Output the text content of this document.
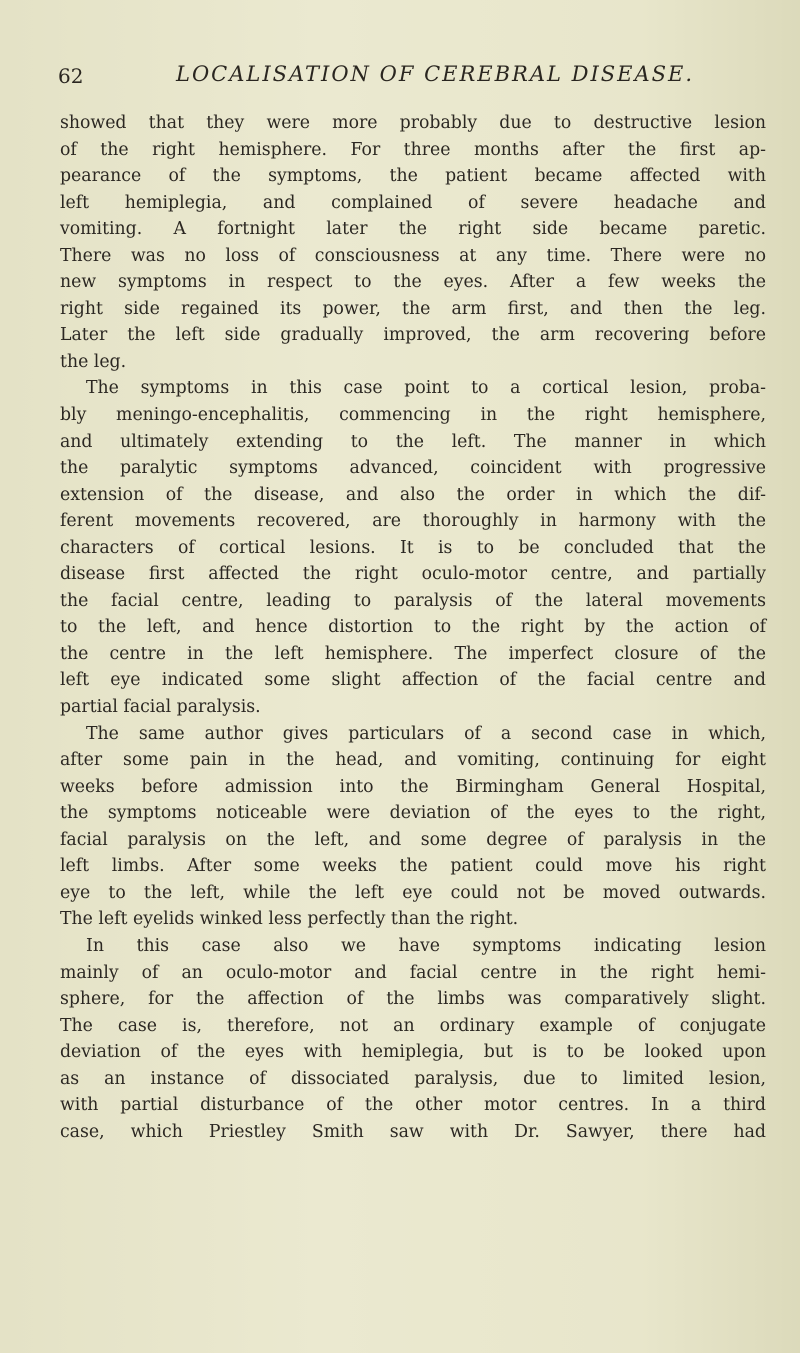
62	LOCALISATION OF CEREBRAL DISEASE.
showed that they were more probably due to destructive lesion
of the right hemisphere. For three months after the first ap-
pearance of the symptoms, the patient became affected with
left hemiplegia, and complained of severe headache and
vomiting. A fortnight later the right side became paretic.
There was no loss of consciousness at any time. There were no
new symptoms in respect to the eyes. After a few weeks the
right side regained its power, the arm first, and then the leg.
Later the left side gradually improved, the arm recovering before
the leg.
The symptoms in this case point to a cortical lesion, proba-
bly meningo-encephalitis, commencing in the right hemisphere,
and ultimately extending to the left. The manner in which
the paralytic symptoms advanced, coincident with progressive
extension of the disease, and also the order in which the dif-
ferent movements recovered, are thoroughly in harmony with the
characters of cortical lesions. It is to be concluded that the
disease first affected the right oculo-motor centre, and partially
the facial centre, leading to paralysis of the lateral movements
to the left, and hence distortion to the right by the action of
the centre in the left hemisphere. The imperfect closure of the
left eye indicated some slight affection of the facial centre and
partial facial paralysis.
The same author gives particulars of a second case in which,
after some pain in the head, and vomiting, continuing for eight
weeks before admission into the Birmingham General Hospital,
the symptoms noticeable were deviation of the eyes to the right,
facial paralysis on the left, and some degree of paralysis in the
left limbs. After some weeks the patient could move his right
eye to the left, while the left eye could not be moved outwards.
The left eyelids winked less perfectly than the right.
In this case also we have symptoms indicating lesion
mainly of an oculo-motor and facial centre in the right hemi-
sphere, for the affection of the limbs was comparatively slight.
The case is, therefore, not an ordinary example of conjugate
deviation of the eyes with hemiplegia, but is to be looked upon
as an instance of dissociated paralysis, due to limited lesion,
with partial disturbance of the other motor centres. In a third
case, which Priestley Smith saw with Dr. Sawyer, there had
